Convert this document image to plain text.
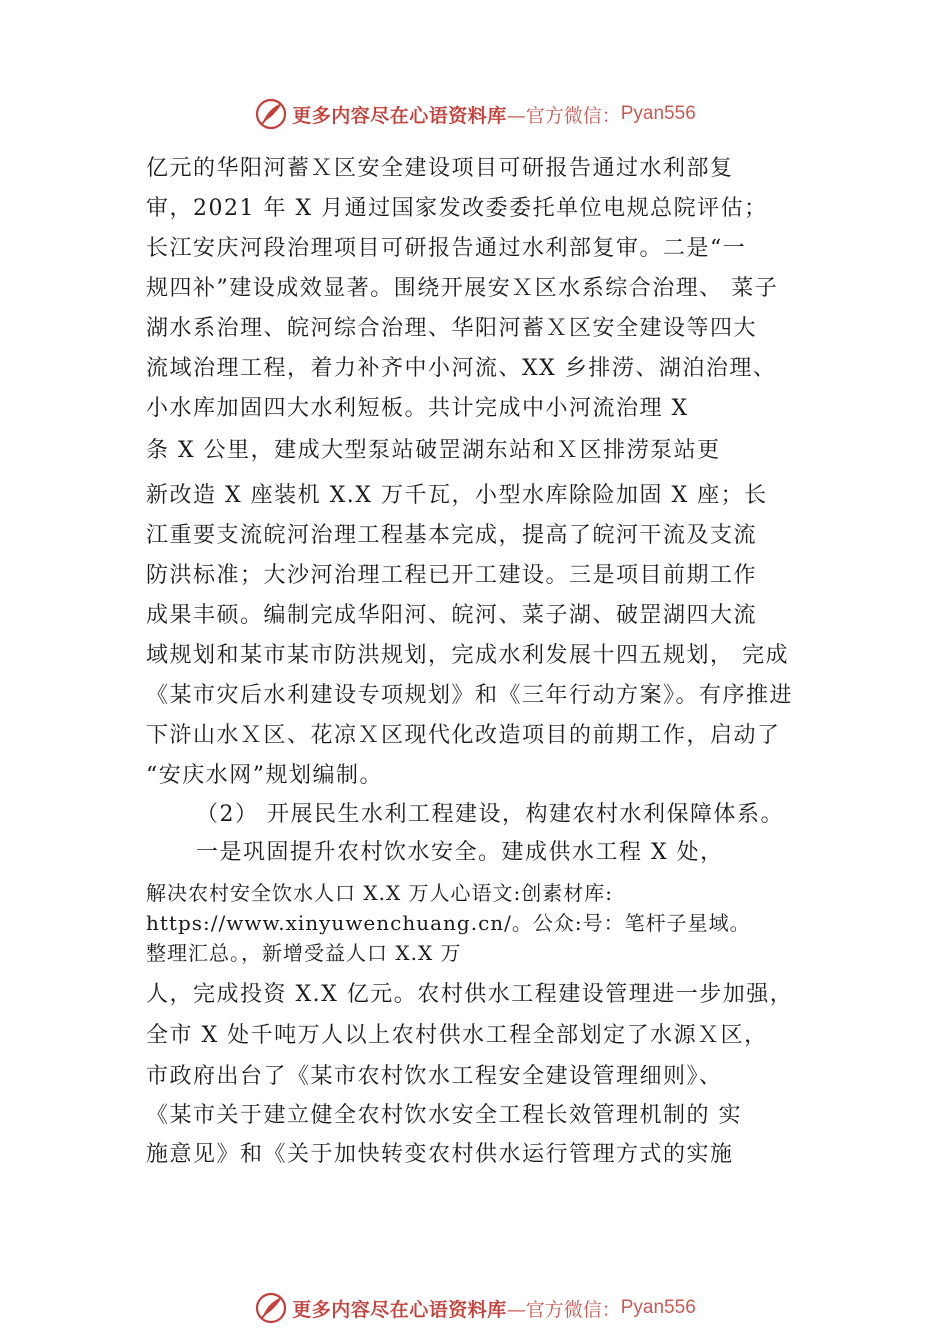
更多内容尽在心语资料库 —官方微信： Pyan556
亿元的华阳河蓄Ｘ区安全建设项目可研报告通过水利部复
审，2021 年 X 月通过国家发改委委托单位电规总院评估；
长江安庆河段治理项目可研报告通过水利部复审。二是“一
规四补”建设成效显著。围绕开展安Ｘ区水系综合治理、 菜子
湖水系治理、皖河综合治理、华阳河蓄Ｘ区安全建设等四大
流域治理工程，着力补齐中小河流、XX 乡排涝、湖泊治理、
小水库加固四大水利短板。共计完成中小河流治理 X
条 X 公里，建成大型泵站破罡湖东站和Ｘ区排涝泵站更
新改造 X 座装机 X.X 万千瓦，小型水库除险加固 X 座；长
江重要支流皖河治理工程基本完成，提高了皖河干流及支流
防洪标准；大沙河治理工程已开工建设。三是项目前期工作
成果丰硕。编制完成华阳河、皖河、菜子湖、破罡湖四大流
域规划和某市某市防洪规划，完成水利发展十四五规划， 完成
《某市灾后水利建设专项规划》和《三年行动方案》。有序推进
下浒山水Ｘ区、花凉Ｘ区现代化改造项目的前期工作，启动了
“安庆水网”规划编制。
（2） 开展民生水利工程建设，构建农村水利保障体系。
一是巩固提升农村饮水安全。建成供水工程 X 处，
解决农村安全饮水人口 X.X 万人心语文:创素材库:
https://www.xinyuwenchuang.cn/。公众:号：笔杆子星域。
整理汇总。，新增受益人口 X.X 万
人，完成投资 X.X 亿元。农村供水工程建设管理进一步加强，
全市 X 处千吨万人以上农村供水工程全部划定了水源Ｘ区，
市政府出台了《某市农村饮水工程安全建设管理细则》、
《某市关于建立健全农村饮水安全工程长效管理机制的 实
施意见》和《关于加快转变农村供水运行管理方式的实施
更多内容尽在心语资料库 —官方微信： Pyan556
